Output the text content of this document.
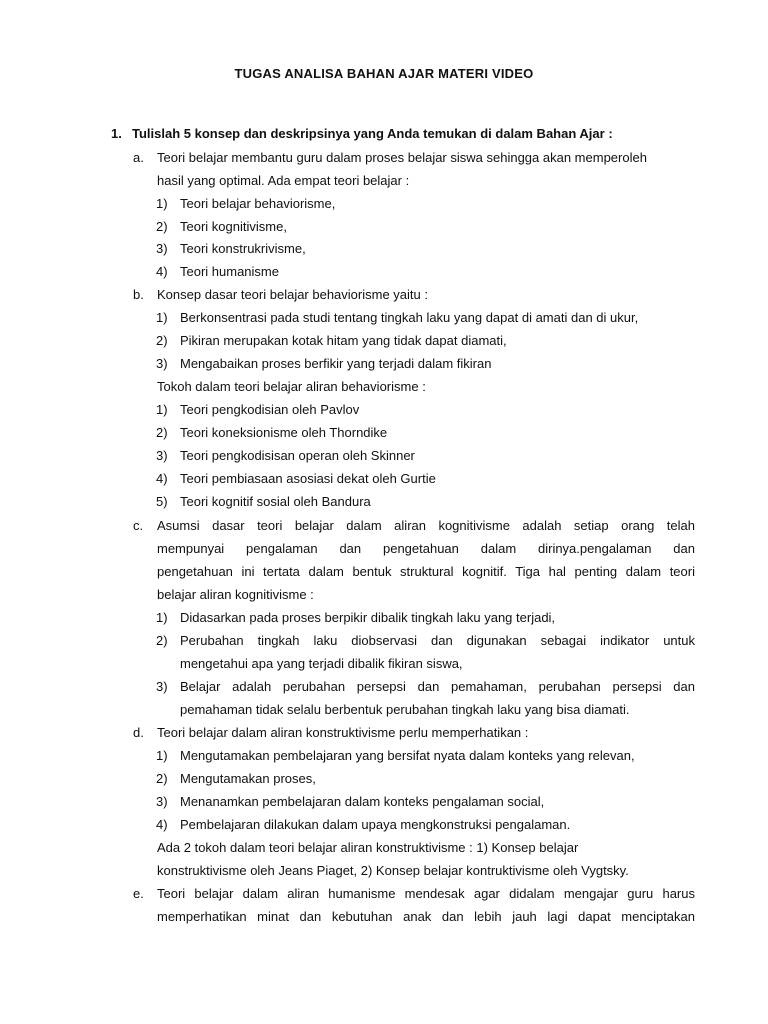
TUGAS ANALISA BAHAN AJAR MATERI VIDEO
1. Tulislah 5 konsep dan deskripsinya yang Anda temukan di dalam Bahan Ajar :
a. Teori belajar membantu guru dalam proses belajar siswa sehingga akan memperoleh
hasil yang optimal. Ada empat teori belajar :
1) Teori belajar behaviorisme,
2) Teori kognitivisme,
3) Teori konstrukrivisme,
4) Teori humanisme
b. Konsep dasar teori belajar behaviorisme yaitu :
1) Berkonsentrasi pada studi tentang tingkah laku yang dapat di amati dan di ukur,
2) Pikiran merupakan kotak hitam yang tidak dapat diamati,
3) Mengabaikan proses berfikir yang terjadi dalam fikiran
Tokoh dalam teori belajar aliran behaviorisme :
1) Teori pengkodisian oleh Pavlov
2) Teori koneksionisme oleh Thorndike
3) Teori pengkodisisan operan oleh Skinner
4) Teori pembiasaan asosiasi dekat oleh Gurtie
5) Teori kognitif sosial oleh Bandura
c. Asumsi dasar teori belajar dalam aliran kognitivisme adalah setiap orang telah
mempunyai pengalaman dan pengetahuan dalam dirinya.pengalaman dan
pengetahuan ini tertata dalam bentuk struktural kognitif. Tiga hal penting dalam teori
belajar aliran kognitivisme :
1) Didasarkan pada proses berpikir dibalik tingkah laku yang terjadi,
2) Perubahan tingkah laku diobservasi dan digunakan sebagai indikator untuk
mengetahui apa yang terjadi dibalik fikiran siswa,
3) Belajar adalah perubahan persepsi dan pemahaman, perubahan persepsi dan
pemahaman tidak selalu berbentuk perubahan tingkah laku yang bisa diamati.
d. Teori belajar dalam aliran konstruktivisme perlu memperhatikan :
1) Mengutamakan pembelajaran yang bersifat nyata dalam konteks yang relevan,
2) Mengutamakan proses,
3) Menanamkan pembelajaran dalam konteks pengalaman social,
4) Pembelajaran dilakukan dalam upaya mengkonstruksi pengalaman.
Ada 2 tokoh dalam teori belajar aliran konstruktivisme : 1) Konsep belajar
konstruktivisme oleh Jeans Piaget, 2) Konsep belajar kontruktivisme oleh Vygtsky.
e. Teori belajar dalam aliran humanisme mendesak agar didalam mengajar guru harus
memperhatikan minat dan kebutuhan anak dan lebih jauh lagi dapat menciptakan
